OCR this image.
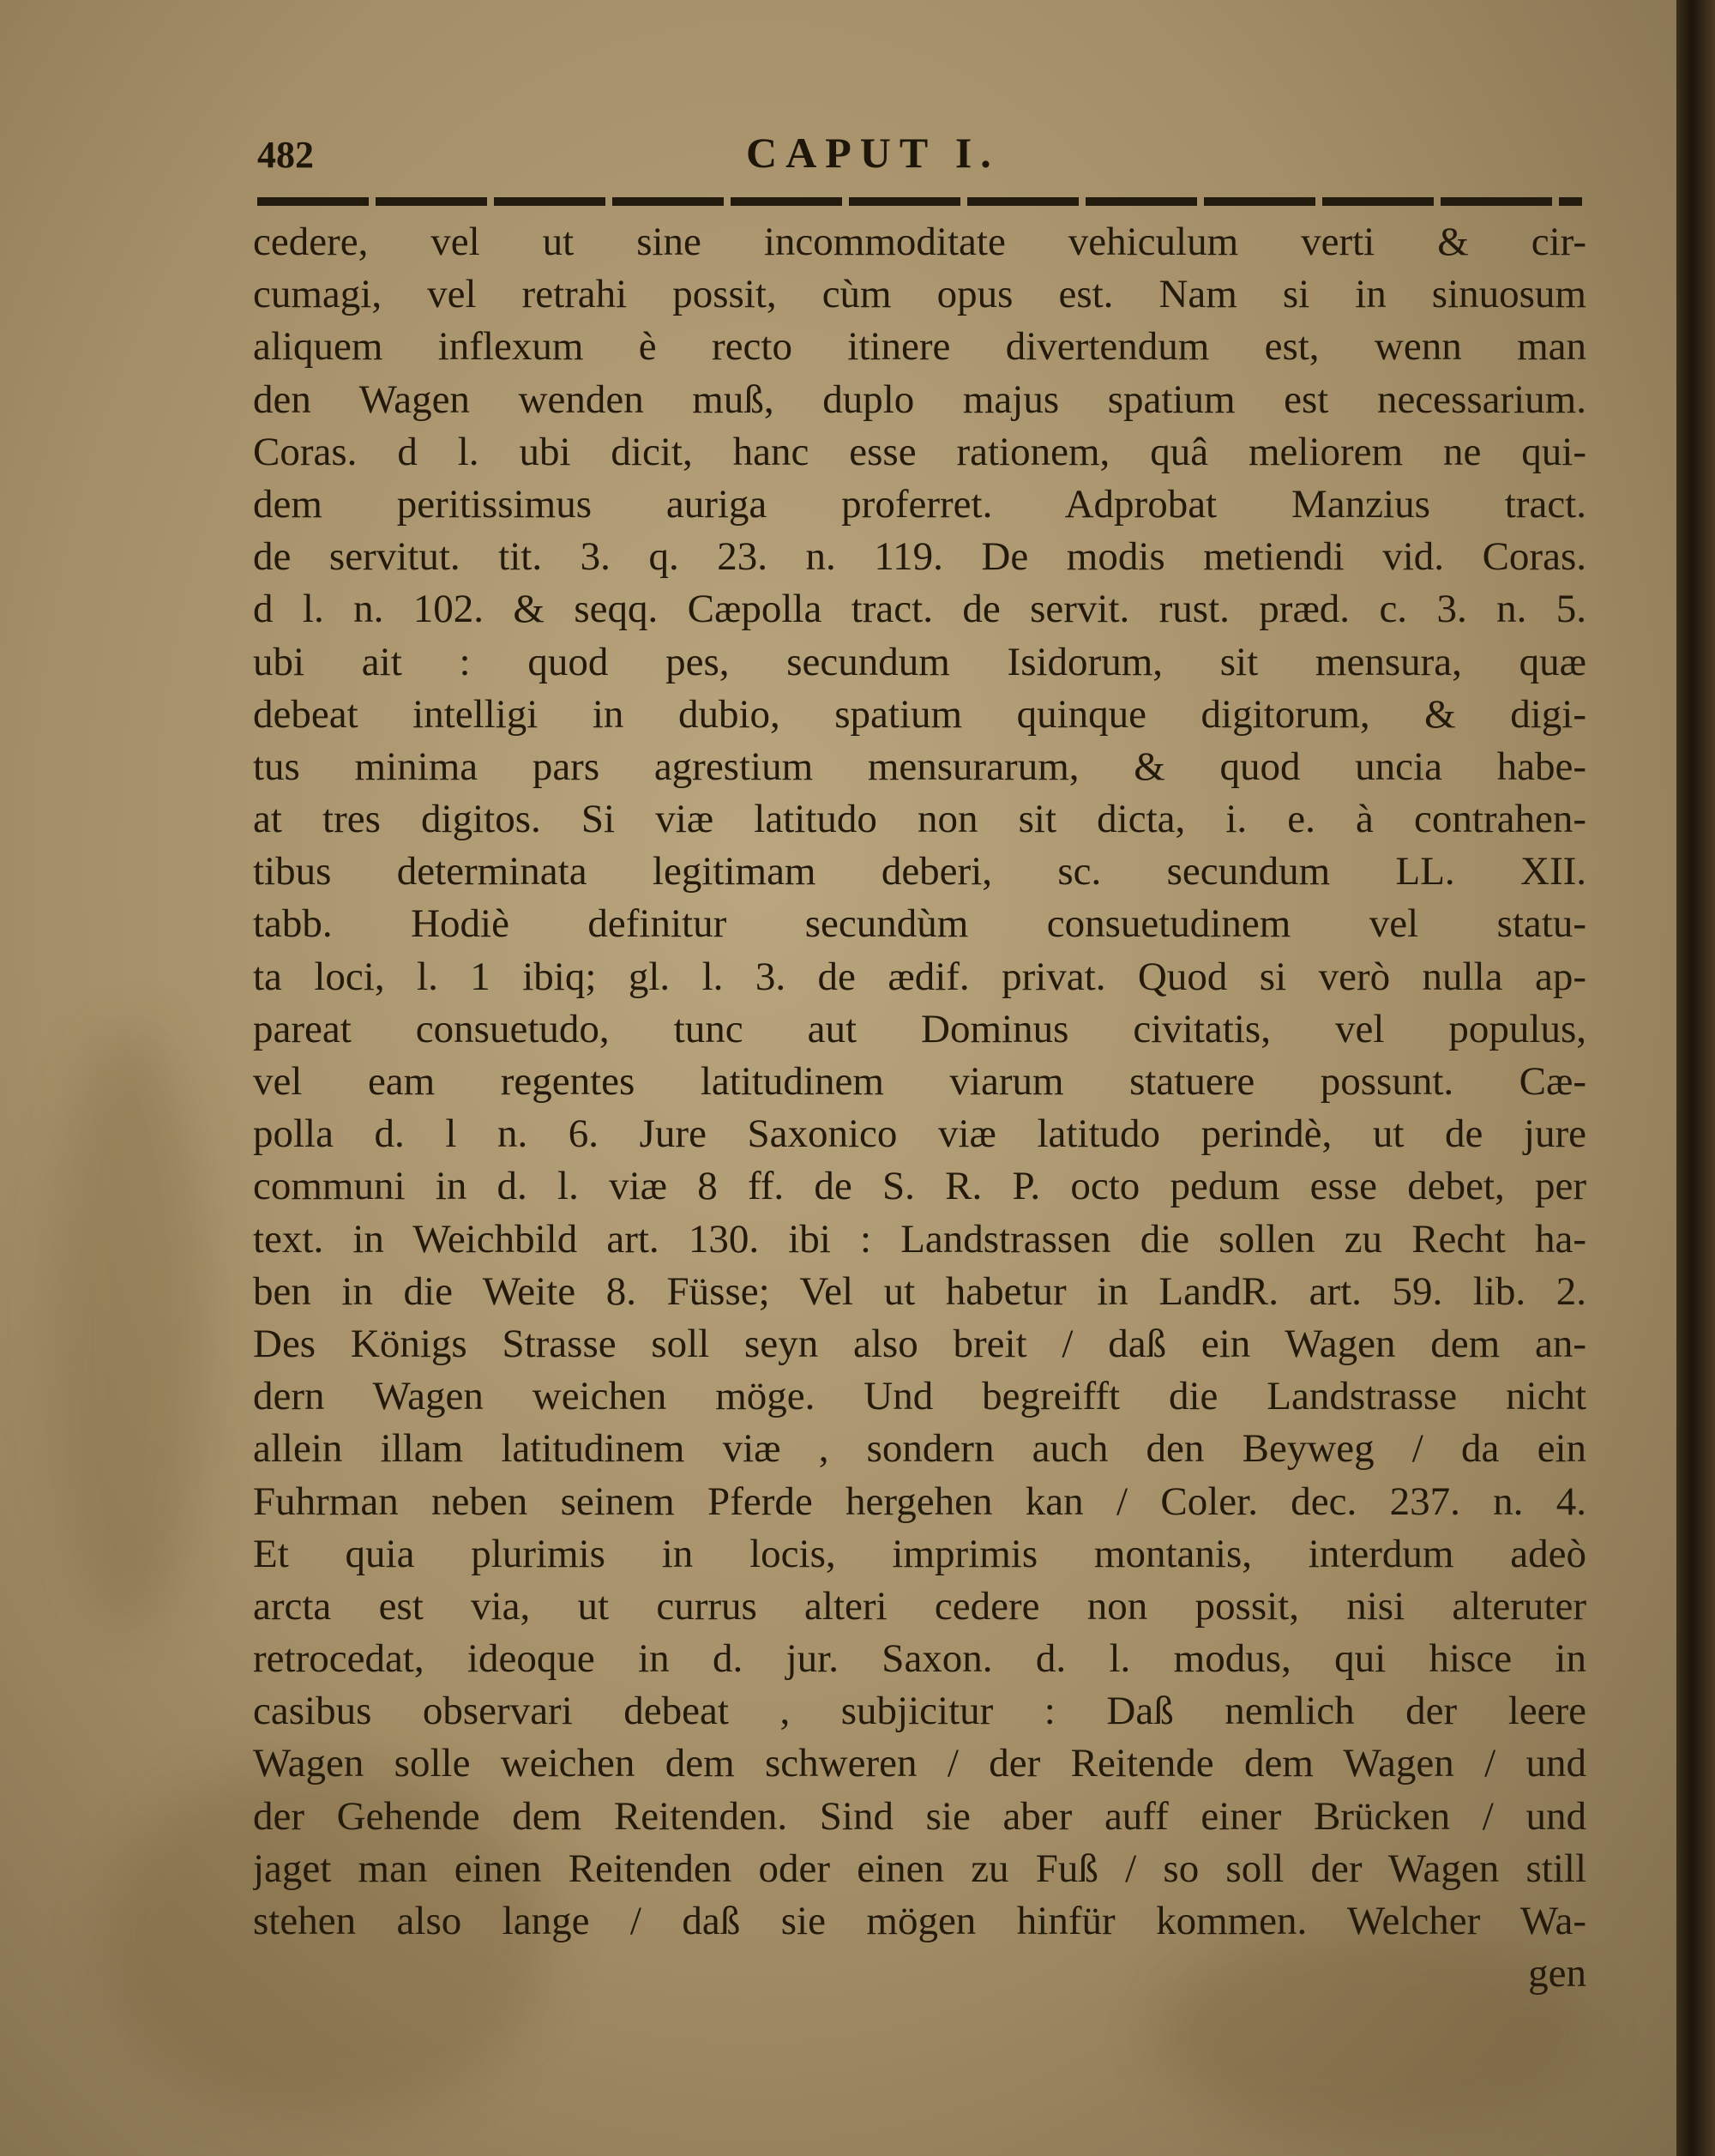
482	CAPUT I.
cedere, vel ut sine incommoditate vehiculum verti & cir-
cumagi, vel retrahi possit, cùm opus est. Nam si in sinuosum
aliquem inflexum è recto itinere divertendum est, wenn man
den Wagen wenden muß, duplo majus spatium est necessarium.
Coras. d l. ubi dicit, hanc esse rationem, quâ meliorem ne qui-
dem peritissimus auriga proferret. Adprobat Manzius tract.
de servitut. tit. 3. q. 23. n. 119. De modis metiendi vid. Coras.
d l. n. 102. & seqq. Cæpolla tract. de servit. rust. præd. c. 3. n. 5.
ubi ait : quod pes, secundum Isidorum, sit mensura, quæ
debeat intelligi in dubio, spatium quinque digitorum, & digi-
tus minima pars agrestium mensurarum, & quod uncia habe-
at tres digitos. Si viæ latitudo non sit dicta, i. e. à contrahen-
tibus determinata legitimam deberi, sc. secundum LL. XII.
tabb. Hodiè definitur secundùm consuetudinem vel statu-
ta loci, l. 1 ibiq; gl. l. 3. de ædif. privat. Quod si verò nulla ap-
pareat consuetudo, tunc aut Dominus civitatis, vel populus,
vel eam regentes latitudinem viarum statuere possunt. Cæ-
polla d. l n. 6. Jure Saxonico viæ latitudo perindè, ut de jure
communi in d. l. viæ 8 ff. de S. R. P. octo pedum esse debet, per
text. in Weichbild art. 130. ibi : Landstrassen die sollen zu Recht ha-
ben in die Weite 8. Füsse; Vel ut habetur in LandR. art. 59. lib. 2.
Des Königs Strasse soll seyn also breit / daß ein Wagen dem an-
dern Wagen weichen möge. Und begreifft die Landstrasse nicht
allein illam latitudinem viæ , sondern auch den Beyweg / da ein
Fuhrman neben seinem Pferde hergehen kan / Coler. dec. 237. n. 4.
Et quia plurimis in locis, imprimis montanis, interdum adeò
arcta est via, ut currus alteri cedere non possit, nisi alteruter
retrocedat, ideoque in d. jur. Saxon. d. l. modus, qui hisce in
casibus observari debeat , subjicitur : Daß nemlich der leere
Wagen solle weichen dem schweren / der Reitende dem Wagen / und
der Gehende dem Reitenden. Sind sie aber auff einer Brücken / und
jaget man einen Reitenden oder einen zu Fuß / so soll der Wagen still
stehen also lange / daß sie mögen hinfür kommen. Welcher Wa-
gen
